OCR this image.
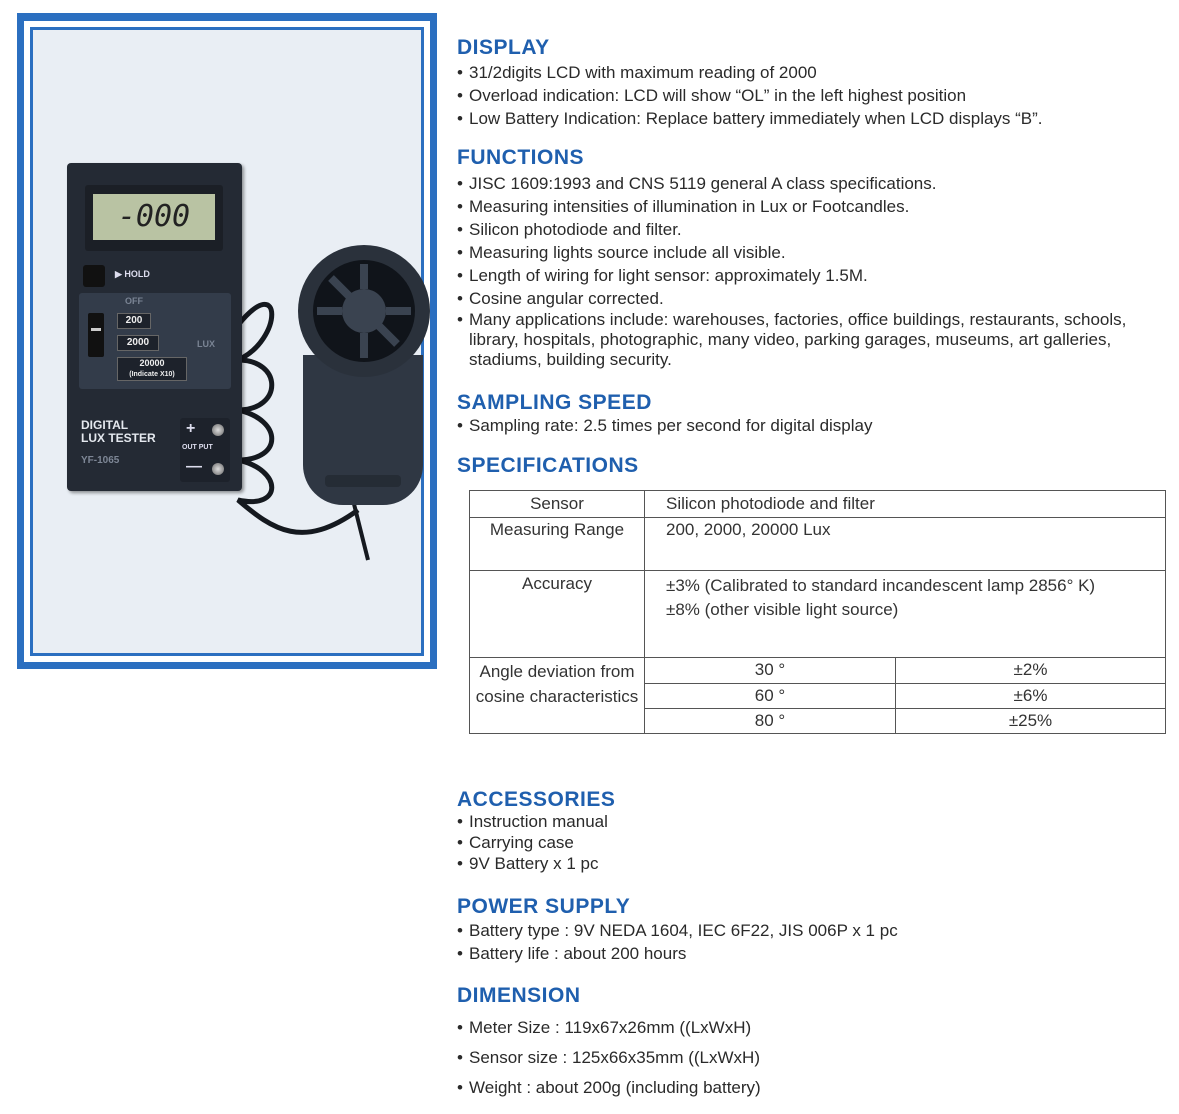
-000
▶ HOLD
OFF
200
2000
20000
(Indicate X10)
LUX
DIGITAL
LUX TESTER
YF-1065
+
OUT PUT
—
DISPLAY
• 31/2digits LCD with maximum reading of 2000
• Overload indication: LCD will show “OL” in the left highest position
• Low Battery Indication: Replace battery immediately when LCD displays “B”.
FUNCTIONS
• JISC 1609:1993 and CNS 5119 general A class specifications.
• Measuring intensities of illumination in Lux or Footcandles.
• Silicon photodiode and filter.
• Measuring lights source include all visible.
• Length of wiring for light sensor: approximately 1.5M.
• Cosine angular corrected.
• Many applications include: warehouses, factories, office buildings, restaurants, schools, library, hospitals, photographic, many video, parking garages, museums, art galleries, stadiums, building security.
SAMPLING SPEED
• Sampling rate: 2.5 times per second for digital display
SPECIFICATIONS
Sensor	Silicon photodiode and filter	
Measuring Range	200, 2000, 20000 Lux	
Accuracy	±3% (Calibrated to standard incandescent lamp 2856° K)
±8% (other visible light source)	

Angle deviation from cosine characteristics	30 °	±2%
	60 °	±6%
	80 °	±25%
ACCESSORIES
• Instruction manual
• Carrying case
• 9V Battery x 1 pc
POWER SUPPLY
• Battery type : 9V NEDA 1604, IEC 6F22, JIS 006P x 1 pc
• Battery life : about 200 hours
DIMENSION
• Meter Size : 119x67x26mm ((LxWxH)
• Sensor size : 125x66x35mm ((LxWxH)
• Weight : about 200g (including battery)
